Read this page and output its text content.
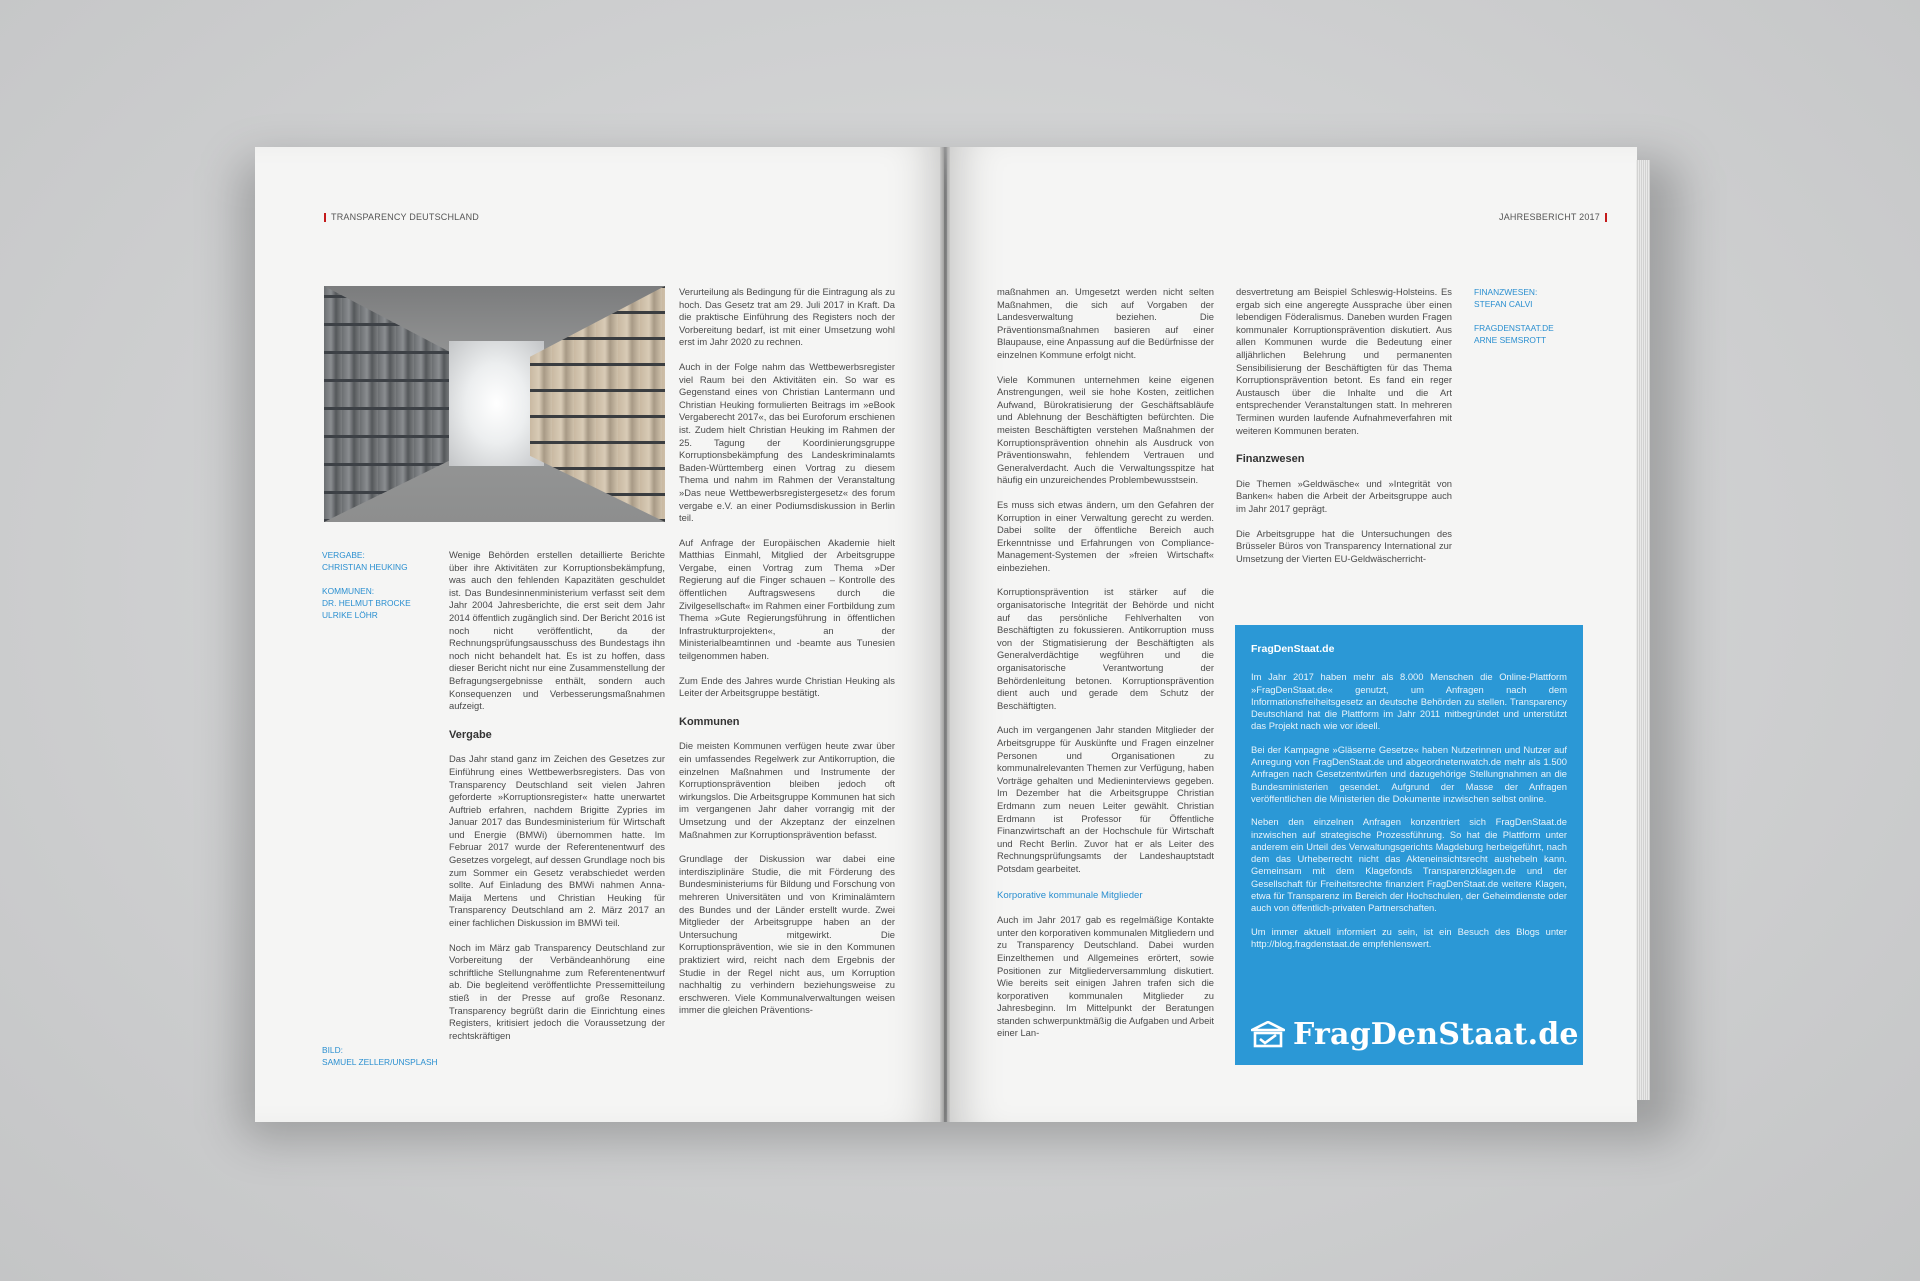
TRANSPARENCY DEUTSCHLAND
VERGABE:
CHRISTIAN HEUKING
KOMMUNEN:
DR. HELMUT BROCKE
ULRIKE LÖHR
BILD:
SAMUEL ZELLER/UNSPLASH

Wenige Behörden erstellen detaillierte Berichte über ihre Aktivitäten zur Korruptionsbekämpfung, was auch den fehlenden Kapazitäten geschuldet ist. Das Bundesinnenministerium verfasst seit dem Jahr 2004 Jahresberichte, die erst seit dem Jahr 2014 öffentlich zugänglich sind. Der Bericht 2016 ist noch nicht veröffentlicht, da der Rechnungsprüfungsausschuss des Bundestags ihn noch nicht behandelt hat. Es ist zu hoffen, dass dieser Bericht nicht nur eine Zusammenstellung der Befragungsergebnisse enthält, sondern auch Konsequenzen und Verbesserungsmaßnahmen aufzeigt.

Vergabe

Das Jahr stand ganz im Zeichen des Gesetzes zur Einführung eines Wettbewerbsregisters. Das von Transparency Deutschland seit vielen Jahren geforderte »Korruptionsregister« hatte unerwartet Auftrieb erfahren, nachdem Brigitte Zypries im Januar 2017 das Bundesministerium für Wirtschaft und Energie (BMWi) übernommen hatte. Im Februar 2017 wurde der Referentenentwurf des Gesetzes vorgelegt, auf dessen Grundlage noch bis zum Sommer ein Gesetz verabschiedet werden sollte. Auf Einladung des BMWi nahmen Anna-Maija Mertens und Christian Heuking für Transparency Deutschland am 2. März 2017 an einer fachlichen Diskussion im BMWi teil.

Noch im März gab Transparency Deutschland zur Vorbereitung der Verbändeanhörung eine schriftliche Stellungnahme zum Referentenentwurf ab. Die begleitend veröffentlichte Pressemitteilung stieß in der Presse auf große Resonanz. Transparency begrüßt darin die Einrichtung eines Registers, kritisiert jedoch die Voraussetzung der rechtskräftigen

Verurteilung als Bedingung für die Eintragung als zu hoch. Das Gesetz trat am 29. Juli 2017 in Kraft. Da die praktische Einführung des Registers noch der Vorbereitung bedarf, ist mit einer Umsetzung wohl erst im Jahr 2020 zu rechnen.

Auch in der Folge nahm das Wettbewerbsregister viel Raum bei den Aktivitäten ein. So war es Gegenstand eines von Christian Lantermann und Christian Heuking formulierten Beitrags im »eBook Vergaberecht 2017«, das bei Euroforum erschienen ist. Zudem hielt Christian Heuking im Rahmen der 25. Tagung der Koordinierungsgruppe Korruptionsbekämpfung des Landeskriminalamts Baden-Württemberg einen Vortrag zu diesem Thema und nahm im Rahmen der Veranstaltung »Das neue Wettbewerbsregistergesetz« des forum vergabe e.V. an einer Podiumsdiskussion in Berlin teil.

Auf Anfrage der Europäischen Akademie hielt Matthias Einmahl, Mitglied der Arbeitsgruppe Vergabe, einen Vortrag zum Thema »Der Regierung auf die Finger schauen – Kontrolle des öffentlichen Auftragswesens durch die Zivilgesellschaft« im Rahmen einer Fortbildung zum Thema »Gute Regierungsführung in öffentlichen Infrastrukturprojekten«, an der Ministerialbeamtinnen und -beamte aus Tunesien teilgenommen haben.

Zum Ende des Jahres wurde Christian Heuking als Leiter der Arbeitsgruppe bestätigt.

Kommunen

Die meisten Kommunen verfügen heute zwar über ein umfassendes Regelwerk zur Antikorruption, die einzelnen Maßnahmen und Instrumente der Korruptionsprävention bleiben jedoch oft wirkungslos. Die Arbeitsgruppe Kommunen hat sich im vergangenen Jahr daher vorrangig mit der Umsetzung und der Akzeptanz der einzelnen Maßnahmen zur Korruptionsprävention befasst.

Grundlage der Diskussion war dabei eine interdisziplinäre Studie, die mit Förderung des Bundesministeriums für Bildung und Forschung von mehreren Universitäten und von Kriminalämtern des Bundes und der Länder erstellt wurde. Zwei Mitglieder der Arbeitsgruppe haben an der Untersuchung mitgewirkt. Die Korruptionsprävention, wie sie in den Kommunen praktiziert wird, reicht nach dem Ergebnis der Studie in der Regel nicht aus, um Korruption nachhaltig zu verhindern beziehungsweise zu erschweren. Viele Kommunalverwaltungen weisen immer die gleichen Präventions-

JAHRESBERICHT 2017

maßnahmen an. Umgesetzt werden nicht selten Maßnahmen, die sich auf Vorgaben der Landesverwaltung beziehen. Die Präventionsmaßnahmen basieren auf einer Blaupause, eine Anpassung auf die Bedürfnisse der einzelnen Kommune erfolgt nicht.

Viele Kommunen unternehmen keine eigenen Anstrengungen, weil sie hohe Kosten, zeitlichen Aufwand, Bürokratisierung der Geschäftsabläufe und Ablehnung der Beschäftigten befürchten. Die meisten Beschäftigten verstehen Maßnahmen der Korruptionsprävention ohnehin als Ausdruck von Präventionswahn, fehlendem Vertrauen und Generalverdacht. Auch die Verwaltungsspitze hat häufig ein unzureichendes Problembewusstsein.

Es muss sich etwas ändern, um den Gefahren der Korruption in einer Verwaltung gerecht zu werden. Dabei sollte der öffentliche Bereich auch Erkenntnisse und Erfahrungen von Compliance-Management-Systemen der »freien Wirtschaft« einbeziehen.

Korruptionsprävention ist stärker auf die organisatorische Integrität der Behörde und nicht auf das persönliche Fehlverhalten von Beschäftigten zu fokussieren. Antikorruption muss von der Stigmatisierung der Beschäftigten als Generalverdächtige wegführen und die organisatorische Verantwortung der Behördenleitung betonen. Korruptionsprävention dient auch und gerade dem Schutz der Beschäftigten.

Auch im vergangenen Jahr standen Mitglieder der Arbeitsgruppe für Auskünfte und Fragen einzelner Personen und Organisationen zu kommunalrelevanten Themen zur Verfügung, haben Vorträge gehalten und Medieninterviews gegeben. Im Dezember hat die Arbeitsgruppe Christian Erdmann zum neuen Leiter gewählt. Christian Erdmann ist Professor für Öffentliche Finanzwirtschaft an der Hochschule für Wirtschaft und Recht Berlin. Zuvor hat er als Leiter des Rechnungsprüfungsamts der Landeshauptstadt Potsdam gearbeitet.

Korporative kommunale Mitglieder

Auch im Jahr 2017 gab es regelmäßige Kontakte unter den korporativen kommunalen Mitgliedern und zu Transparency Deutschland. Dabei wurden Einzelthemen und Allgemeines erörtert, sowie Positionen zur Mitgliederversammlung diskutiert. Wie bereits seit einigen Jahren trafen sich die korporativen kommunalen Mitglieder zu Jahresbeginn. Im Mittelpunkt der Beratungen standen schwerpunktmäßig die Aufgaben und Arbeit einer Lan-

desvertretung am Beispiel Schleswig-Holsteins. Es ergab sich eine angeregte Aussprache über einen lebendigen Föderalismus. Daneben wurden Fragen kommunaler Korruptionsprävention diskutiert. Aus allen Kommunen wurde die Bedeutung einer alljährlichen Belehrung und permanenten Sensibilisierung der Beschäftigten für das Thema Korruptionsprävention betont. Es fand ein reger Austausch über die Inhalte und die Art entsprechender Veranstaltungen statt. In mehreren Terminen wurden laufende Aufnahmeverfahren mit weiteren Kommunen beraten.

Finanzwesen

Die Themen »Geldwäsche« und »Integrität von Banken« haben die Arbeit der Arbeitsgruppe auch im Jahr 2017 geprägt.

Die Arbeitsgruppe hat die Untersuchungen des Brüsseler Büros von Transparency International zur Umsetzung der Vierten EU-Geldwäscherricht-

FINANZWESEN:
STEFAN CALVI
FRAGDENSTAAT.DE
ARNE SEMSROTT
FragDenStaat.de

Im Jahr 2017 haben mehr als 8.000 Menschen die Online-Plattform »FragDenStaat.de« genutzt, um Anfragen nach dem Informationsfreiheitsgesetz an deutsche Behörden zu stellen. Transparency Deutschland hat die Plattform im Jahr 2011 mitbegründet und unterstützt das Projekt nach wie vor ideell.

Bei der Kampagne »Gläserne Gesetze« haben Nutzerinnen und Nutzer auf Anregung von FragDenStaat.de und abgeordnetenwatch.de mehr als 1.500 Anfragen nach Gesetzentwürfen und dazugehörige Stellungnahmen an die Bundesministerien gesendet. Aufgrund der Masse der Anfragen veröffentlichen die Ministerien die Dokumente inzwischen selbst online.

Neben den einzelnen Anfragen konzentriert sich FragDenStaat.de inzwischen auf strategische Prozessführung. So hat die Plattform unter anderem ein Urteil des Verwaltungsgerichts Magdeburg herbeigeführt, nach dem das Urheberrecht nicht das Akteneinsichtsrecht aushebeln kann. Gemeinsam mit dem Klagefonds Transparenzklagen.de und der Gesellschaft für Freiheitsrechte finanziert FragDenStaat.de weitere Klagen, etwa für Transparenz im Bereich der Hochschulen, der Geheimdienste oder auch von öffentlich-privaten Partnerschaften.

Um immer aktuell informiert zu sein, ist ein Besuch des Blogs unter http://blog.fragdenstaat.de empfehlenswert.

FragDenStaat.de
